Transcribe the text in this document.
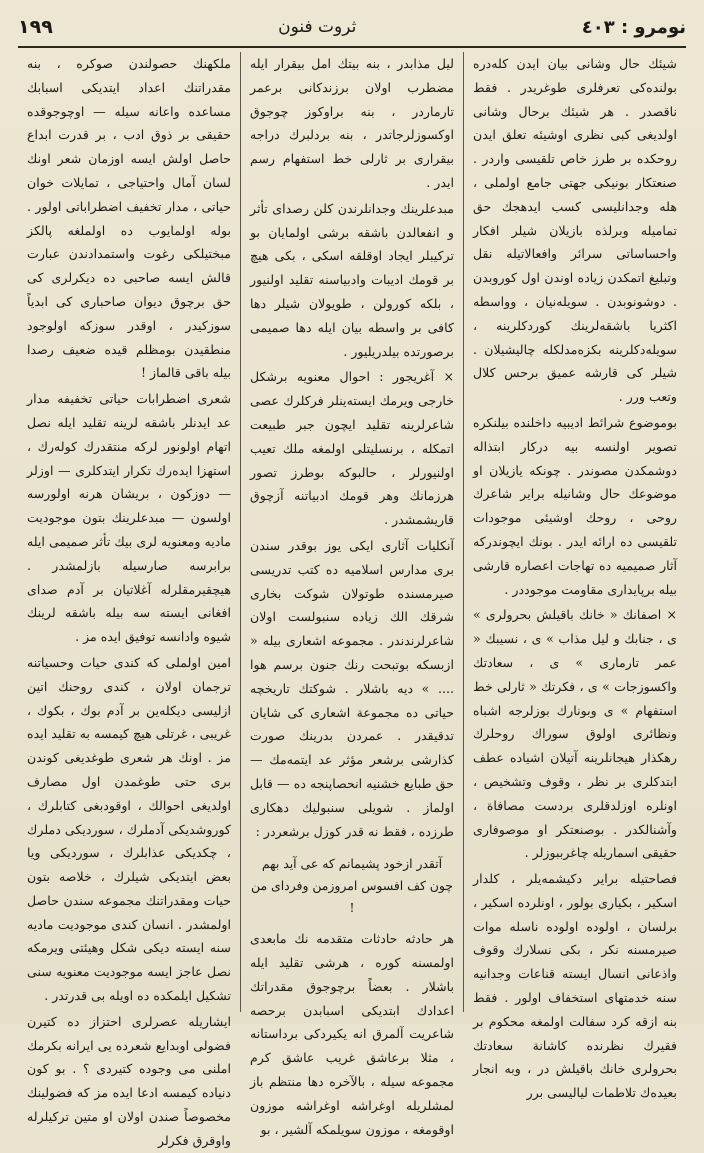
۱۹۹	ثروت فنون	نومرو : ٤٠٣

شیئك حال وشانى بيان ايدن كلەدرە بولندەكى تعرفلرى طوغريدر . فقط ناقصدر . هر شیئك برحال وشانى اولديغى كبى نظرى اوشيئه تعلق ايدن روحكده بر طرز خاص تلقیسی واردر . صنعتكار بونيكى جهتى جامع اولملى ، هله وجدانليسى كسب ايدهجك حق تماميله وبرلذه بازيلان شيلر افكار واحساساتى سرائر وافعالاتيله نقل وتبليغ اتمكدن زياده اوندن اول كوروبدن . دوشونوبدن . سويلەنيان ، وواسطه اكثريا باشقەلرينك كوردكلرينه ، سويلەدكلرينه بكزەمدلكله چاليشيلان . شيلر كى قارشه عميق برحس كلال وتعب ورر .

بوموضوع شرائط اديبيه داخلنده بيلنكره تصوير اولنسه بيه دركار ابتذاله دوشمكدن مصوندر . چونكه يازيلان او موضوعك حال وشانيله براير شاعرك روحى ، روحك اوشيئى موجودات تلقيسى ده ارائه ايدر . بونك ايچوندركه آثار صميميه ده تهاجات اعصاره قارشى بيله برپايدارى مقاومت موجوددر .

× اصفانك « خانك باقيلش بحرولرى » ى ، جنابك و ليل مذاب » ى ، نسيبك « عمر تارمارى » ى ، سعادتك واكسوزجات » ى ، فكرتك « ثارلى خط استفهام » ى وبونارك بوزلرجه اشباه ونظائرى اولوق سوراك روحلرك رهكذار هيجانلرينه آتيلان اشياده عطف ابتدكلرى بر نظر ، وقوف وتشخيص ، اونلره اوزلدقلرى بردست مصافاة ، وآشنالكدر . بوصنعتكر او موصوفارى حقيقى اسماريله چاغرببوزلر .

فصاحتيله براير دكيشمەيلر ، كلدار اسكير ، بكيارى بولور ، اونلرده اسكير ، برلسان ، اولوده اولوده ناسله موات صيرمسنه نكر ، بكى نسلارك وقوف واذعانى انسال ايسته قناعات وجدانيه سنه خدمتهاى استخفاف اولور . فقط بنه ازقه كرد سفالت اولمغه محكوم بر فقيرك نظرنده كاشانة سعادتك بحرولرى خانك باقيلش در ، وبه انجار بعيدەك تلاطمات لياليسى برر

ليل مذابدر ، بنه بيتك امل بيقرار ايله مضطرب اولان برزندكانى برعمر تارماردر ، بنه براوكوز چوجوق اوكسوزلرجاتدر ، بنه بردلبرك دراجه بيقرارى بر ثارلى خط استفهام رسم ايدر .

مبدعلرينك وجدانلرندن كلن رصداى تأثر و انفعالدن باشقه برشى اولمايان بو تركيبلر ايجاد اوقلقه اسكى ، بكى هيچ بر قومك اديبات وادبياسنه تقليد اولنيور ، بلكه كورولن ، طويولان شيلر دها كافى بر واسطه بيان ايله دها صميمى برصورتده بيلدريليور .

× آغريجور : احوال معنويه برشكل خارجى ويرمك ايستەينلر فركلرك عصى شاعرلرينه تقليد ايچون جبر طبيعت اتمكله ، برنسليتلى اولمغه ملك تعيب اولنيورلر ، حالبوكه بوطرز تصور هرزمانك وهر قومك ادبياتنه آزچوق قاريشمشدر .

آنكليات آثارى ايكى يوز بوقدر سندن برى مدارس اسلاميه ده كتب تدريسى صيرمسنده طوتولان شوكت بخارى شرقك الك زياده سنبولست اولان شاعرلرندندر . مجموعه اشعارى بيله « ازبسكه بوتبحت رنك جنون برسم هوا .... » ديه باشلار . شوكتك تاريخچه حياتى ده مجموعة اشعارى كى شايان تدقيقدر . عمردن بدرينك صورت كذارشى برشعر مؤثر عد ايتمەمك — حق طبايع خشنيه انحصاپنجه ده — قابل اولماز . شويلى سنبوليك دهكارى طرزده ، فقط نه قدر كوزل برشعردر :

آتقدر ازخود پشيمانم كه عى آيد بهم
چون كف افسوس امروزمن وفرداى من !

هر حادثه حادثات متقدمه نك مابعدى اولمسنه كوره ، هرشى تقليد ايله باشلار . بعضاً برچوجوق مقدراتك اعدادك ابتديكى اسبابدن برحصه شاعريت آلمرق انه يكيردكى برداستانه ، مثلا برعاشق غريب عاشق كرم مجموعه سيله ، بالآخره دها منتظم باز لمشلريله اوغراشه اوغراشه موزون اوقومغه ، موزون سويلمكه آلشير ، بو

ملكهنك حصولندن صوكره ، بنه مقدراتنك اعداد ايتديكى اسبابك مساعده واعانه سيله — اوچوجوقده حقيقى بر ذوق ادب ، بر قدرت ابداع حاصل اولش ايسه اوزمان شعر اونك لسان آمال واحتياجى ، تمايلات خوان حياتى ، مدار تخفيف اضطراباتى اولور . بوله اولمايوب ده اولملغه پالكز مبختيلكى رغوت واستمدادندن عبارت قالش ايسه صاحبى ده ديكرلرى كى حق برچوق دیوان صاحبارى كى ابدياً سوزكيدر ، اوقدر سوزكه اولوجود منطقيدن بومظلم قيده ضعيف رصدا بيله باقى قالماز !

شعرى اضطرابات حياتى تخفيفه مدار عد ايدنلر باشقه لرينه تقليد ايله نصل اتهام اولونور لركه منتقدرك كولەرك ، استهزا ايدەرك تكرار ايتدكلرى — اوزلر — دوزكون ، بريشان هرنه اولورسه اولسون — مبدعلرينك بتون موجوديت ماديه ومعنويه لرى بيك تأثر صميمى ايله برابرسه صارسيله بازلمشدر . هيچقيرمقلرله آغلاتيان بر آدم صداى افغانى ايسته سه بيله باشقه لرينك شيوه وادانسه توفيق ايده مز .

امين اولملى كه كندى حيات وحسياتنه ترجمان اولان ، كندى روحنك اتين ازليسى ديكلەين بر آدم بوك ، بكوك ، غريبى ، غرتلى هيچ كيمسه به تقليد ايده مز . اونك هر شعرى طوغديغى كوندن برى حتى طوغمدن اول مصارف اولديغى احوالك ، اوقودبغى كتابلرك ، كوروشديكى آدملرك ، سورديكى دملرك ، چكديكى عذابلرك ، سورديكى ويا بعض ايتديكى شيلرك ، خلاصه بتون حيات ومقدراتنك مجموعه سندن حاصل اولمشدر . انسان كندى موجوديت ماديه سنه ايسته ديكى شكل وهيئتى ويرمكه نصل عاجز ايسه موجوديت معنويه سنى تشكيل ايلمكده ده اويله بى قدرتدر .

ايشاريله عصرلرى احتزاز ده كتيرن فضولى اوبدايع شعرده يى ايرانه بكرمك املنى مى وجوده كتيردى ؟ . بو كون دنيادە كيمسه ادعا ايده مز كه فضولينك مخصوصاً صندن اولان او متين تركيلرله واوقرق فكرلر
